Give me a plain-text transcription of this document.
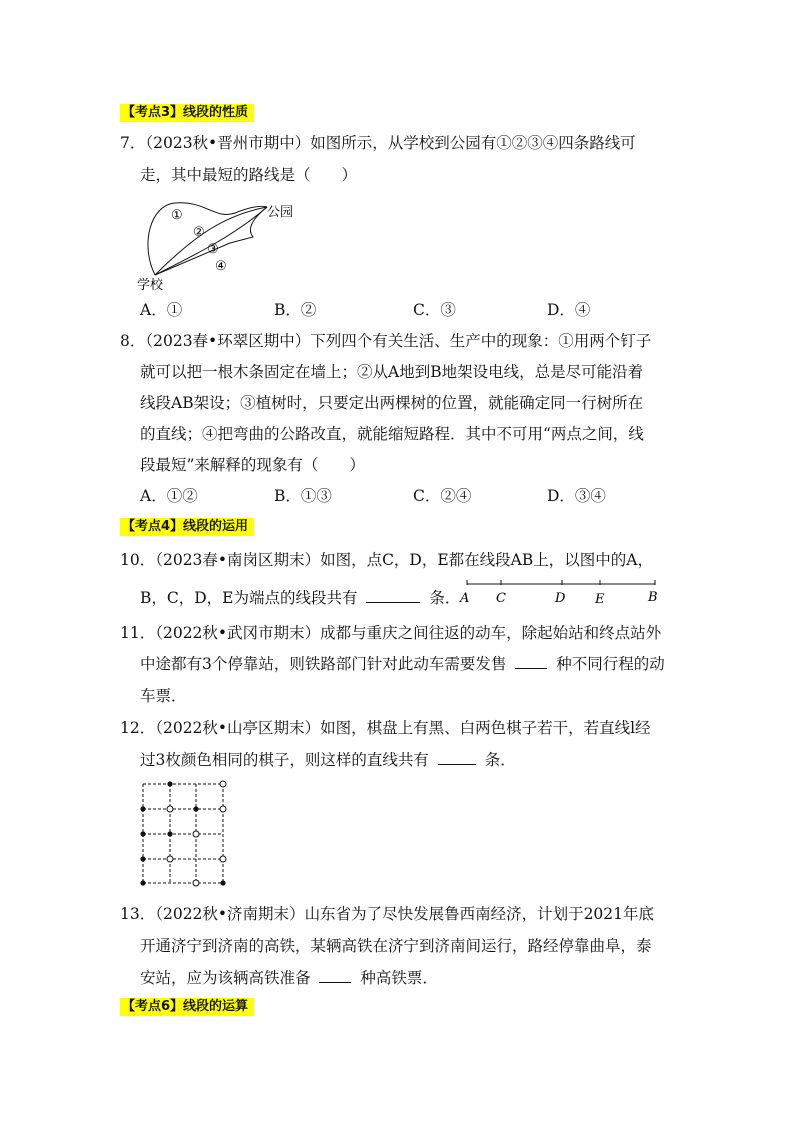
【考点3】线段的性质
7．（2023秋•晋州市期中）如图所示，从学校到公园有①②③④四条路线可
走，其中最短的路线是（　　）
①
②
③
④
公园
学校
A．①	B．②	C．③	D．④
8．（2023春•环翠区期中）下列四个有关生活、生产中的现象：①用两个钉子
就可以把一根木条固定在墙上；②从A地到B地架设电线，总是尽可能沿着
线段AB架设；③植树时，只要定出两棵树的位置，就能确定同一行树所在
的直线；④把弯曲的公路改直，就能缩短路程．其中不可用“两点之间，线
段最短”来解释的现象有（　　）
A．①②	B．①③	C．②④	D．③④
【考点4】线段的运用
10．（2023春•南岗区期末）如图，点C，D，E都在线段AB上，以图中的A，
B，C，D，E为端点的线段共有	条． A C	D E	B
11．（2022秋•武冈市期末）成都与重庆之间往返的动车，除起始站和终点站外
中途都有3个停靠站，则铁路部门针对此动车需要发售	种不同行程的动
车票．
12．（2022秋•山亭区期末）如图，棋盘上有黑、白两色棋子若干，若直线l经
过3枚颜色相同的棋子，则这样的直线共有	条．
13．（2022秋•济南期末）山东省为了尽快发展鲁西南经济，计划于2021年底
开通济宁到济南的高铁，某辆高铁在济宁到济南间运行，路经停靠曲阜，泰
安站，应为该辆高铁准备	种高铁票．
【考点6】线段的运算
